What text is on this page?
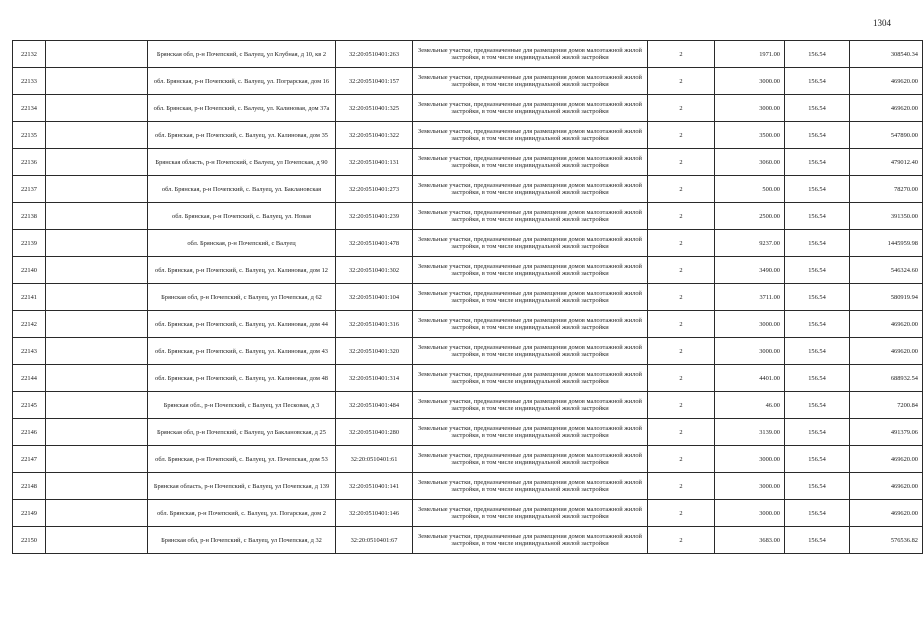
1304
22132		Брянская обл, р-н Почепский, с Валуец, ул Клубная, д 10, кв 2	32:20:0510401:263	Земельные участки, предназначенные для размещения домов малоэтажной жилой застройки, в том числе индивидуальной жилой застройки	2	1971.00	156.54	308540.34
22133		обл. Брянская, р-н Почепский, с. Валуец, ул. Пограрская, дом 16	32:20:0510401:157	Земельные участки, предназначенные для размещения домов малоэтажной жилой застройки, в том числе индивидуальной жилой застройки	2	3000.00	156.54	469620.00
22134		обл. Брянская, р-н Почепский, с. Валуец, ул. Калиновая, дом 37а	32:20:0510401:325	Земельные участки, предназначенные для размещения домов малоэтажной жилой застройки, в том числе индивидуальной жилой застройки	2	3000.00	156.54	469620.00
22135		обл. Брянская, р-н Почепский, с. Валуец, ул. Калиновая, дом 35	32:20:0510401:322	Земельные участки, предназначенные для размещения домов малоэтажной жилой застройки, в том числе индивидуальной жилой застройки	2	3500.00	156.54	547890.00
22136		Брянская область, р-н Почепский, с Валуец, ул Почепская, д 90	32:20:0510401:131	Земельные участки, предназначенные для размещения домов малоэтажной жилой застройки, в том числе индивидуальной жилой застройки	2	3060.00	156.54	479012.40
22137		обл. Брянская, р-н Почепский, с. Валуец, ул. Баклановская	32:20:0510401:273	Земельные участки, предназначенные для размещения домов малоэтажной жилой застройки, в том числе индивидуальной жилой застройки	2	500.00	156.54	78270.00
22138		обл. Брянская, р-н Почепский, с. Валуец, ул. Новая	32:20:0510401:239	Земельные участки, предназначенные для размещения домов малоэтажной жилой застройки, в том числе индивидуальной жилой застройки	2	2500.00	156.54	391350.00
22139		обл. Брянская, р-н Почепский, с Валуец	32:20:0510401:478	Земельные участки, предназначенные для размещения домов малоэтажной жилой застройки, в том числе индивидуальной жилой застройки	2	9237.00	156.54	1445959.98
22140		обл. Брянская, р-н Почепский, с. Валуец, ул. Калиновая, дом 12	32:20:0510401:302	Земельные участки, предназначенные для размещения домов малоэтажной жилой застройки, в том числе индивидуальной жилой застройки	2	3490.00	156.54	546324.60
22141		Брянская обл, р-н Почепский, с Валуец, ул Почепская, д 62	32:20:0510401:104	Земельные участки, предназначенные для размещения домов малоэтажной жилой застройки, в том числе индивидуальной жилой застройки	2	3711.00	156.54	580919.94
22142		обл. Брянская, р-н Почепский, с. Валуец, ул. Калиновая, дом 44	32:20:0510401:316	Земельные участки, предназначенные для размещения домов малоэтажной жилой застройки, в том числе индивидуальной жилой застройки	2	3000.00	156.54	469620.00
22143		обл. Брянская, р-н Почепский, с. Валуец, ул. Калиновая, дом 43	32:20:0510401:320	Земельные участки, предназначенные для размещения домов малоэтажной жилой застройки, в том числе индивидуальной жилой застройки	2	3000.00	156.54	469620.00
22144		обл. Брянская, р-н Почепский, с. Валуец, ул. Калиновая, дом 48	32:20:0510401:314	Земельные участки, предназначенные для размещения домов малоэтажной жилой застройки, в том числе индивидуальной жилой застройки	2	4401.00	156.54	688932.54
22145		Брянская обл., р-н Почепский, с Валуец, ул Песковая, д 3	32:20:0510401:484	Земельные участки, предназначенные для размещения домов малоэтажной жилой застройки, в том числе индивидуальной жилой застройки	2	46.00	156.54	7200.84
22146		Брянская обл, р-н Почепский, с Валуец, ул Баклановская, д 25	32:20:0510401:280	Земельные участки, предназначенные для размещения домов малоэтажной жилой застройки, в том числе индивидуальной жилой застройки	2	3139.00	156.54	491379.06
22147		обл. Брянская, р-н Почепский, с. Валуец, ул. Почепская, дом 53	32:20:0510401:61	Земельные участки, предназначенные для размещения домов малоэтажной жилой застройки, в том числе индивидуальной жилой застройки	2	3000.00	156.54	469620.00
22148		Брянская область, р-н Почепский, с Валуец, ул Почепская, д 139	32:20:0510401:141	Земельные участки, предназначенные для размещения домов малоэтажной жилой застройки, в том числе индивидуальной жилой застройки	2	3000.00	156.54	469620.00
22149		обл. Брянская, р-н Почепский, с. Валуец, ул. Погарская, дом 2	32:20:0510401:146	Земельные участки, предназначенные для размещения домов малоэтажной жилой застройки, в том числе индивидуальной жилой застройки	2	3000.00	156.54	469620.00
22150		Брянская обл, р-н Почепский, с Валуец, ул Почепская, д 32	32:20:0510401:67	Земельные участки, предназначенные для размещения домов малоэтажной жилой застройки, в том числе индивидуальной жилой застройки	2	3683.00	156.54	576536.82
